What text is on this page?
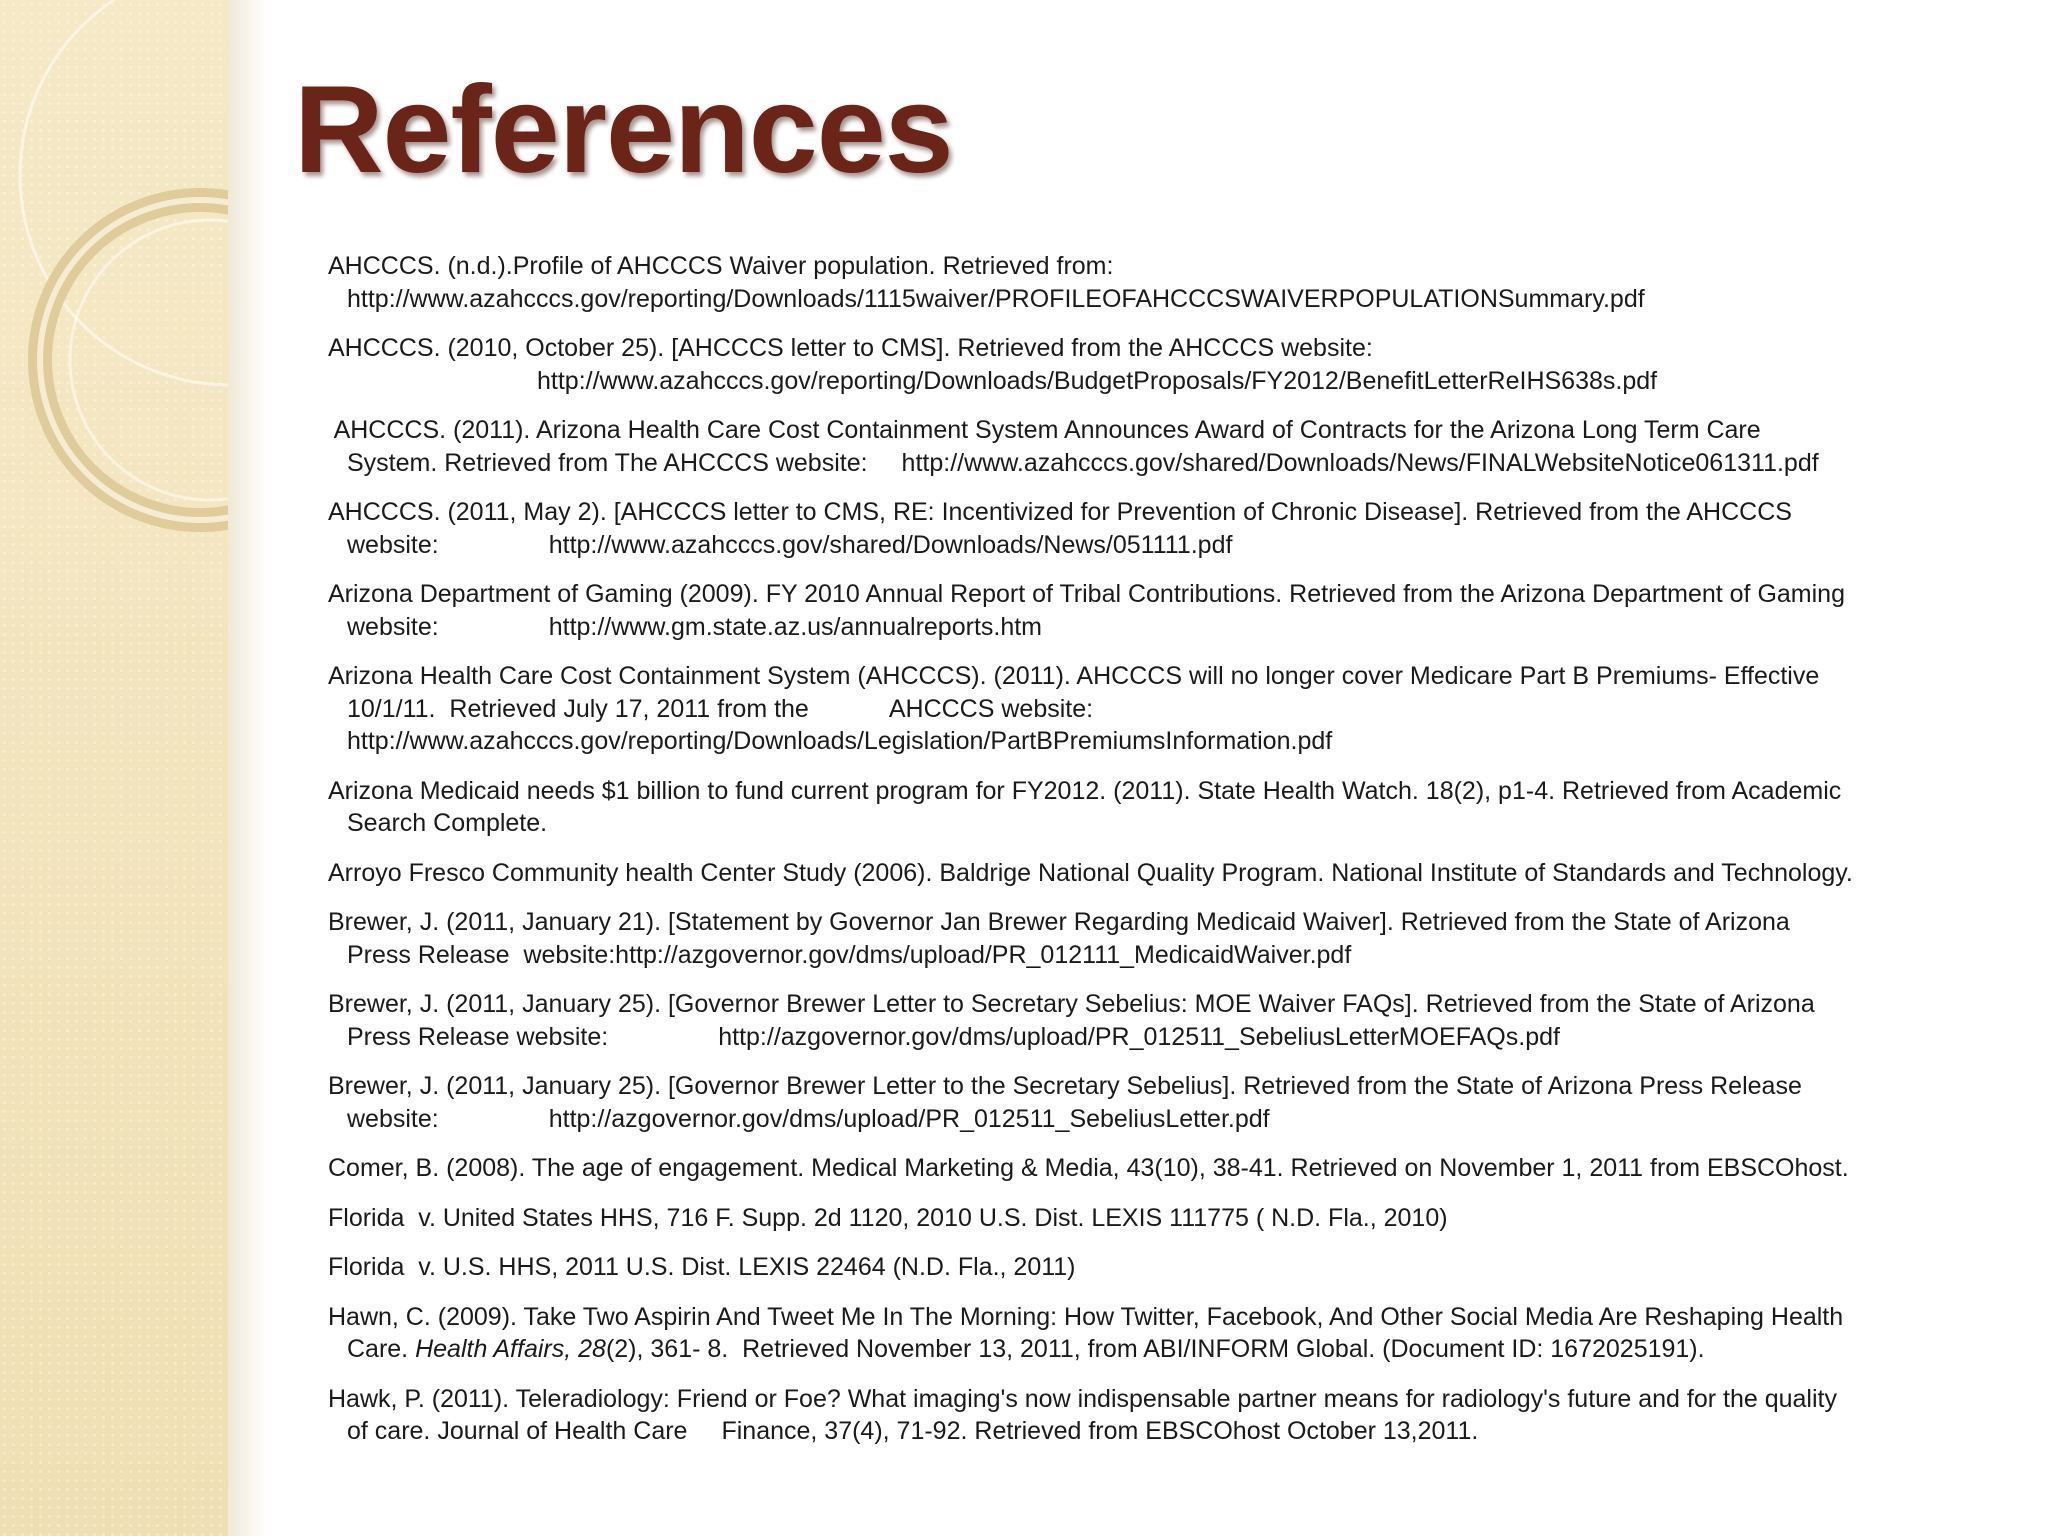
References
AHCCCS. (n.d.).Profile of AHCCCS Waiver population. Retrieved from:
http://www.azahcccs.gov/reporting/Downloads/1115waiver/PROFILEOFAHCCCSWAIVERPOPULATIONSummary.pdf
AHCCCS. (2010, October 25). [AHCCCS letter to CMS]. Retrieved from the AHCCCS website:
http://www.azahcccs.gov/reporting/Downloads/BudgetProposals/FY2012/BenefitLetterReIHS638s.pdf
AHCCCS. (2011). Arizona Health Care Cost Containment System Announces Award of Contracts for the Arizona Long Term Care
System. Retrieved from The AHCCCS website: http://www.azahcccs.gov/shared/Downloads/News/FINALWebsiteNotice061311.pdf
AHCCCS. (2011, May 2). [AHCCCS letter to CMS, RE: Incentivized for Prevention of Chronic Disease]. Retrieved from the AHCCCS
website:	http://www.azahcccs.gov/shared/Downloads/News/051111.pdf
Arizona Department of Gaming (2009). FY 2010 Annual Report of Tribal Contributions. Retrieved from the Arizona Department of Gaming
website:	http://www.gm.state.az.us/annualreports.htm
Arizona Health Care Cost Containment System (AHCCCS). (2011). AHCCCS will no longer cover Medicare Part B Premiums- Effective
10/1/11.  Retrieved July 17, 2011 from the	AHCCCS website:
http://www.azahcccs.gov/reporting/Downloads/Legislation/PartBPremiumsInformation.pdf
Arizona Medicaid needs $1 billion to fund current program for FY2012. (2011). State Health Watch. 18(2), p1-4. Retrieved from Academic
Search Complete.
Arroyo Fresco Community health Center Study (2006). Baldrige National Quality Program. National Institute of Standards and Technology.
Brewer, J. (2011, January 21). [Statement by Governor Jan Brewer Regarding Medicaid Waiver]. Retrieved from the State of Arizona
Press Release  website:http://azgovernor.gov/dms/upload/PR_012111_MedicaidWaiver.pdf
Brewer, J. (2011, January 25). [Governor Brewer Letter to Secretary Sebelius: MOE Waiver FAQs]. Retrieved from the State of Arizona
Press Release website:	http://azgovernor.gov/dms/upload/PR_012511_SebeliusLetterMOEFAQs.pdf
Brewer, J. (2011, January 25). [Governor Brewer Letter to the Secretary Sebelius]. Retrieved from the State of Arizona Press Release
website:	http://azgovernor.gov/dms/upload/PR_012511_SebeliusLetter.pdf
Comer, B. (2008). The age of engagement. Medical Marketing & Media, 43(10), 38-41. Retrieved on November 1, 2011 from EBSCOhost.
Florida  v. United States HHS, 716 F. Supp. 2d 1120, 2010 U.S. Dist. LEXIS 111775 ( N.D. Fla., 2010)
Florida  v. U.S. HHS, 2011 U.S. Dist. LEXIS 22464 (N.D. Fla., 2011)
Hawn, C. (2009). Take Two Aspirin And Tweet Me In The Morning: How Twitter, Facebook, And Other Social Media Are Reshaping Health
Care. Health Affairs, 28(2), 361- 8.  Retrieved November 13, 2011, from ABI/INFORM Global. (Document ID: 1672025191).
Hawk, P. (2011). Teleradiology: Friend or Foe? What imaging's now indispensable partner means for radiology's future and for the quality
of care. Journal of Health Care Finance, 37(4), 71-92. Retrieved from EBSCOhost October 13,2011.
